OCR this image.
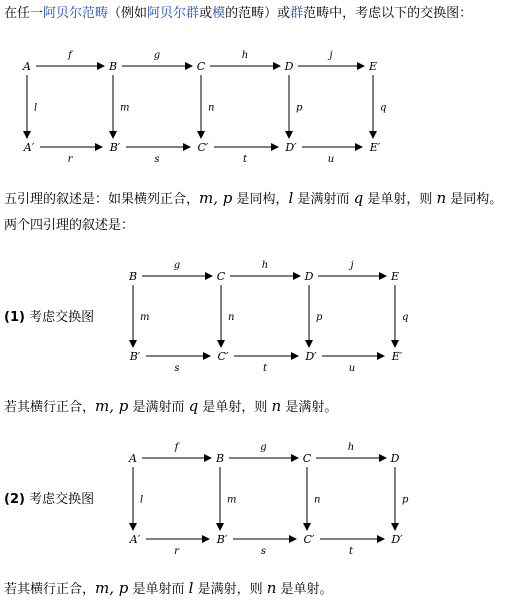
在任一阿贝尔范畴（例如阿贝尔群或模的范畴）或群范畴中，考虑以下的交换图：
A	B	C	D	E
A′	B′	C′	D′	E′
f
r
g
s
h
t
j
u
l	m	n	p	q
B	C	D	E
B′	C′	D′	E′
g
s
h
t
j
u
m	n	p	q
A	B	C	D
A′	B′	C′	D′
f
r
g
s
h
t
l	m	n	p
五引理的叙述是：如果横列正合，m, p 是同构，l 是满射而 q 是单射，则 n 是同构。
两个四引理的叙述是：
(1) 考虑交换图
若其横行正合，m, p 是满射而 q 是单射，则 n 是满射。
(2) 考虑交换图
若其横行正合，m, p 是单射而 l 是满射，则 n 是单射。
